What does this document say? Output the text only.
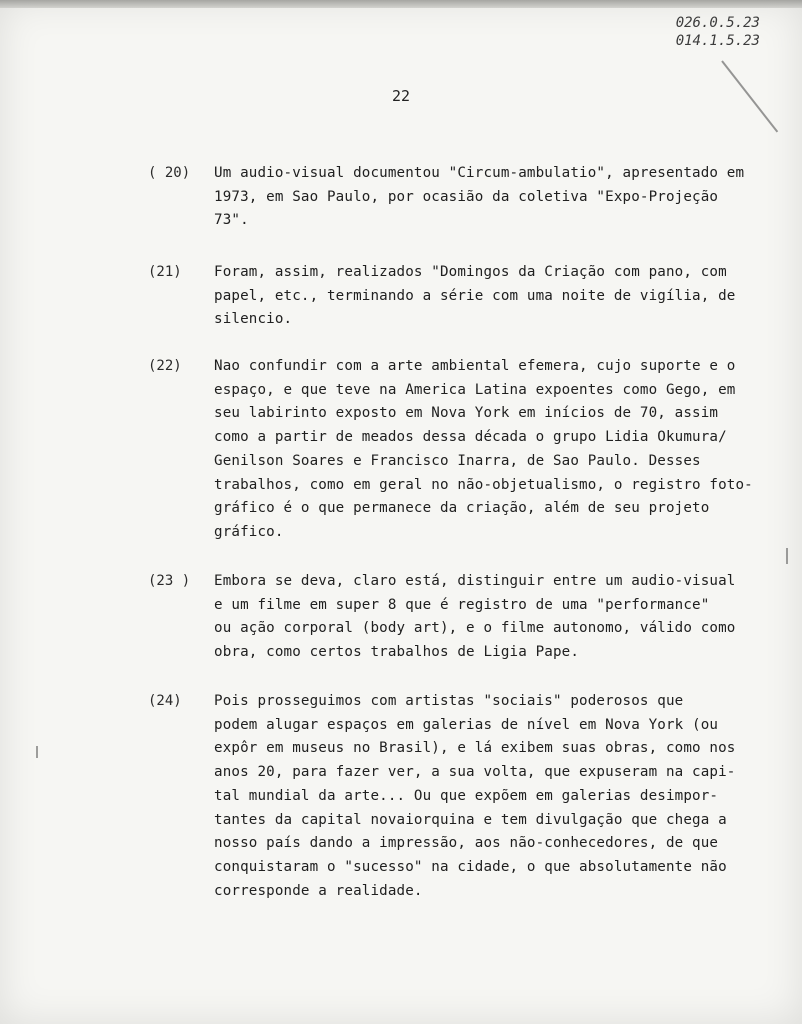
026.0.5.23
014.1.5.23
22
( 20) Um audio-visual documentou "Circum-ambulatio", apresentado em
1973, em Sao Paulo, por ocasião da coletiva "Expo-Projeção
73".
(21) Foram, assim, realizados "Domingos da Criação com pano, com
papel, etc., terminando a série com uma noite de vigília, de
silencio.
(22) Nao confundir com a arte ambiental efemera, cujo suporte e o
espaço, e que teve na America Latina expoentes como Gego, em
seu labirinto exposto em Nova York em inícios de 70, assim
como a partir de meados dessa década o grupo Lidia Okumura/
Genilson Soares e Francisco Inarra, de Sao Paulo. Desses
trabalhos, como em geral no não-objetualismo, o registro foto-
gráfico é o que permanece da criação, além de seu projeto
gráfico.
(23 ) Embora se deva, claro está, distinguir entre um audio-visual
e um filme em super 8 que é registro de uma "performance"
ou ação corporal (body art), e o filme autonomo, válido como
obra, como certos trabalhos de Ligia Pape.
(24) Pois prosseguimos com artistas "sociais" poderosos que
podem alugar espaços em galerias de nível em Nova York (ou
expôr em museus no Brasil), e lá exibem suas obras, como nos
anos 20, para fazer ver, a sua volta, que expuseram na capi-
tal mundial da arte... Ou que expõem em galerias desimpor-
tantes da capital novaiorquina e tem divulgação que chega a
nosso país dando a impressão, aos não-conhecedores, de que
conquistaram o "sucesso" na cidade, o que absolutamente não
corresponde a realidade.
